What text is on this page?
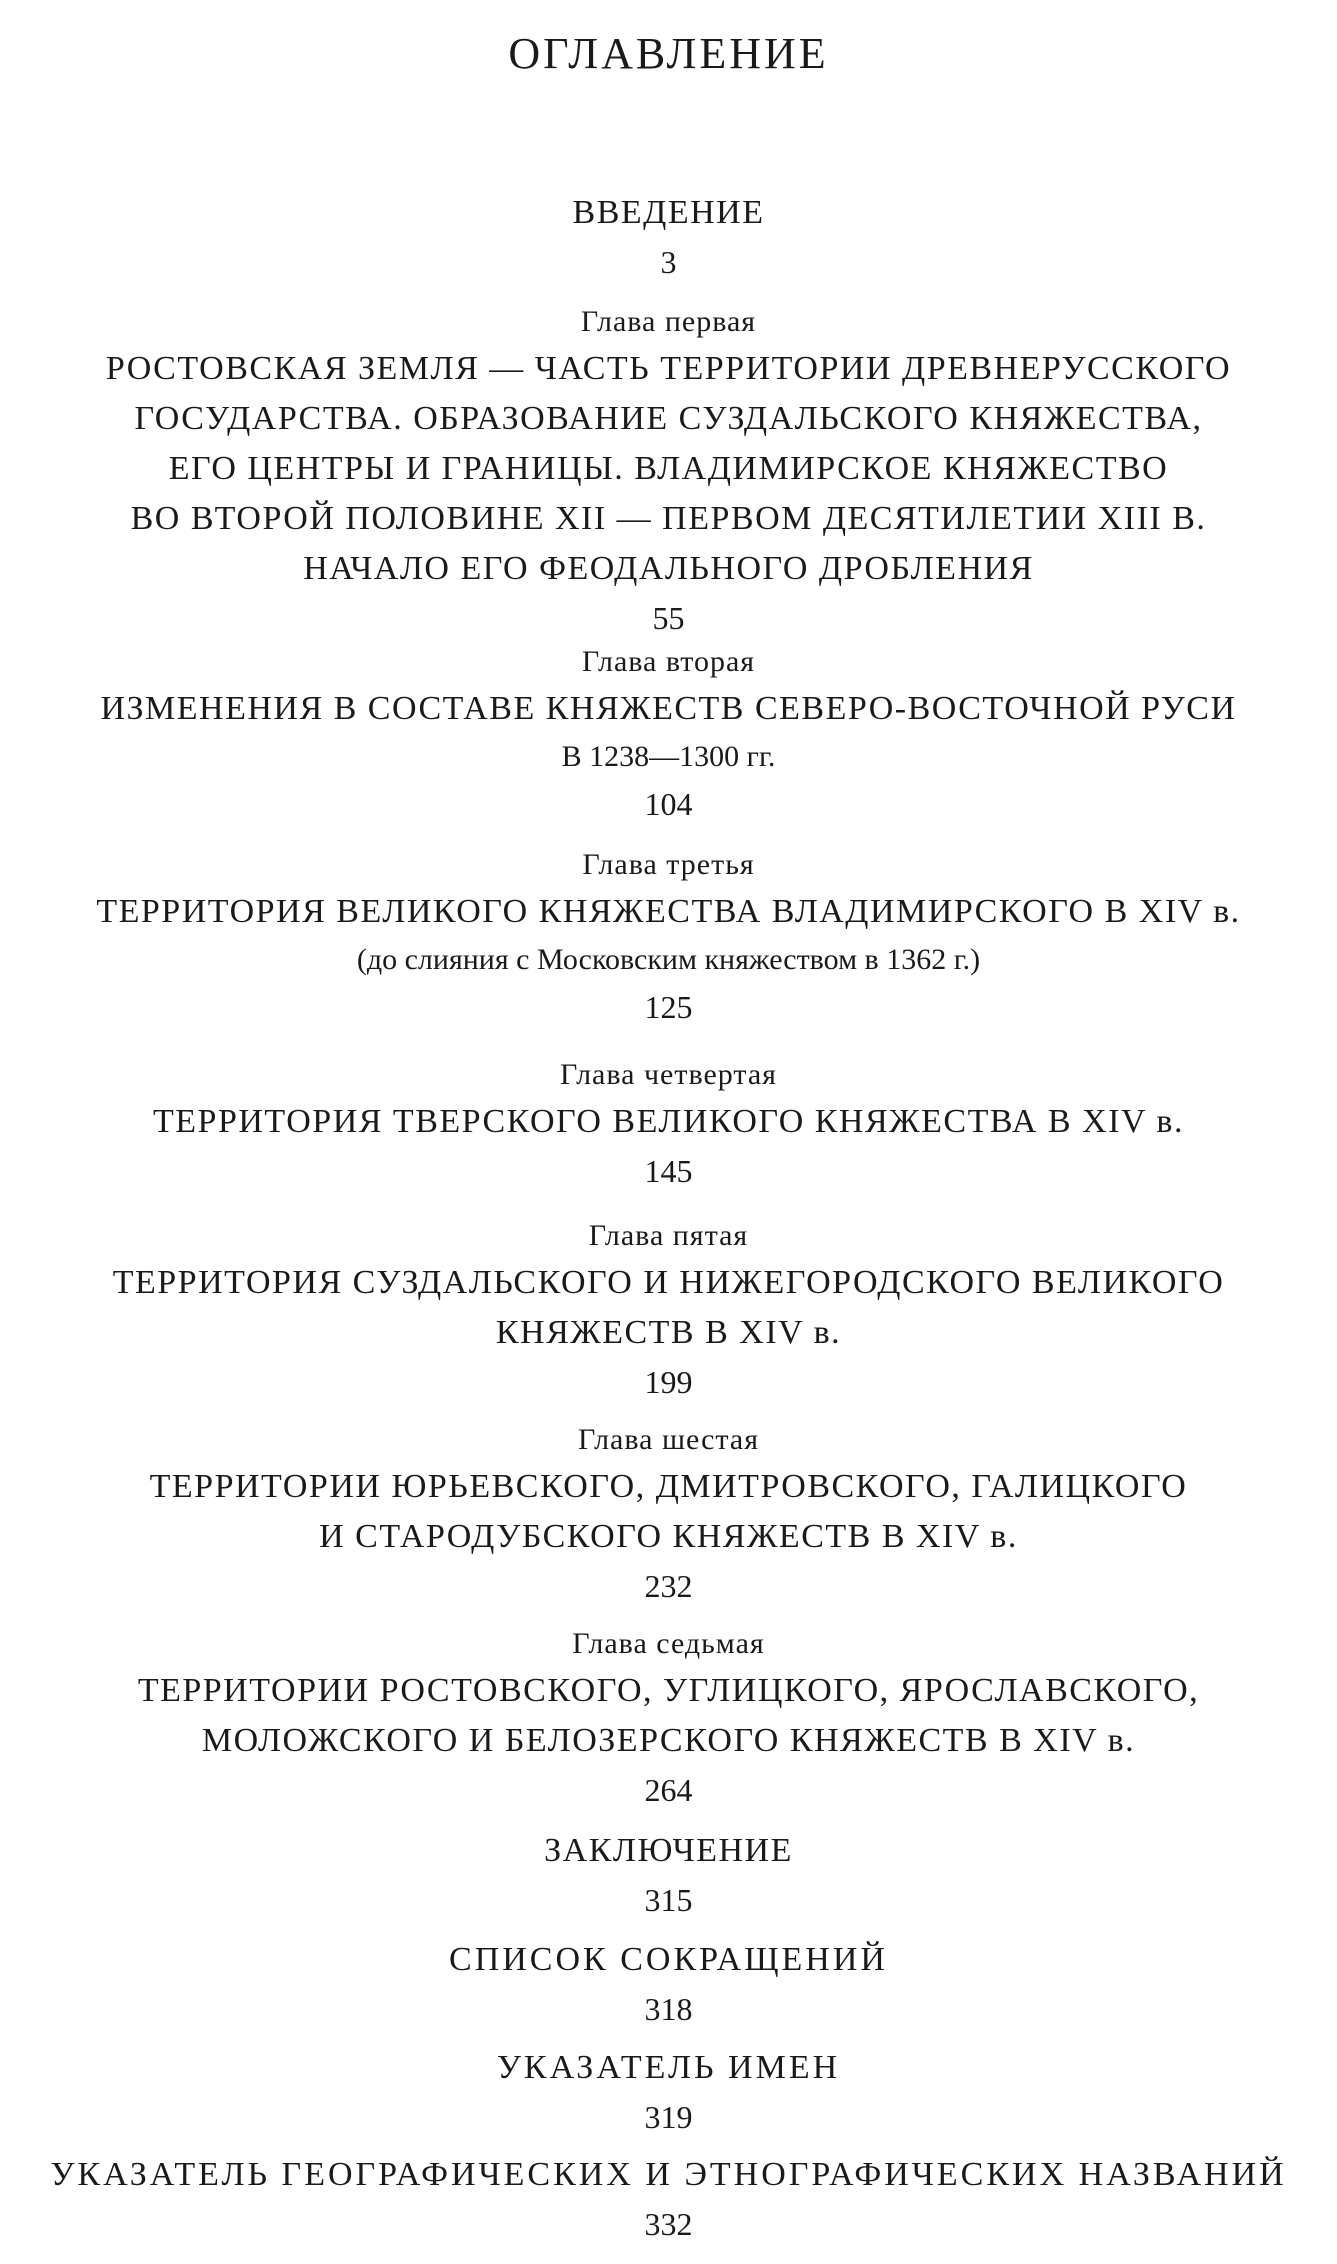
ОГЛАВЛЕНИЕ
ВВЕДЕНИЕ
3
Глава первая
РОСТОВСКАЯ ЗЕМЛЯ — ЧАСТЬ ТЕРРИТОРИИ ДРЕВНЕРУССКОГО
ГОСУДАРСТВА. ОБРАЗОВАНИЕ СУЗДАЛЬСКОГО КНЯЖЕСТВА,
ЕГО ЦЕНТРЫ И ГРАНИЦЫ. ВЛАДИМИРСКОЕ КНЯЖЕСТВО
ВО ВТОРОЙ ПОЛОВИНЕ XII — ПЕРВОМ ДЕСЯТИЛЕТИИ XIII В.
НАЧАЛО ЕГО ФЕОДАЛЬНОГО ДРОБЛЕНИЯ
55
Глава вторая
ИЗМЕНЕНИЯ В СОСТАВЕ КНЯЖЕСТВ СЕВЕРО-ВОСТОЧНОЙ РУСИ
В 1238—1300 гг.
104
Глава третья
ТЕРРИТОРИЯ ВЕЛИКОГО КНЯЖЕСТВА ВЛАДИМИРСКОГО В XIV в.
(до слияния с Московским княжеством в 1362 г.)
125
Глава четвертая
ТЕРРИТОРИЯ ТВЕРСКОГО ВЕЛИКОГО КНЯЖЕСТВА В XIV в.
145
Глава пятая
ТЕРРИТОРИЯ СУЗДАЛЬСКОГО И НИЖЕГОРОДСКОГО ВЕЛИКОГО
КНЯЖЕСТВ В XIV в.
199
Глава шестая
ТЕРРИТОРИИ ЮРЬЕВСКОГО, ДМИТРОВСКОГО, ГАЛИЦКОГО
И СТАРОДУБСКОГО КНЯЖЕСТВ В XIV в.
232
Глава седьмая
ТЕРРИТОРИИ РОСТОВСКОГО, УГЛИЦКОГО, ЯРОСЛАВСКОГО,
МОЛОЖСКОГО И БЕЛОЗЕРСКОГО КНЯЖЕСТВ В XIV в.
264
ЗАКЛЮЧЕНИЕ
315
СПИСОК СОКРАЩЕНИЙ
318
УКАЗАТЕЛЬ ИМЕН
319
УКАЗАТЕЛЬ ГЕОГРАФИЧЕСКИХ И ЭТНОГРАФИЧЕСКИХ НАЗВАНИЙ
332
